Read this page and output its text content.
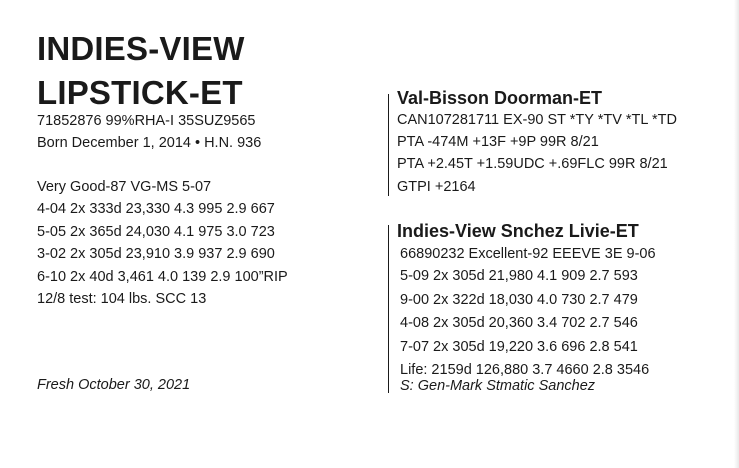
INDIES-VIEW
LIPSTICK-ET
71852876 99%RHA-I 35SUZ9565
Born December 1, 2014 • H.N. 936
Very Good-87 VG-MS 5-07
4-04 2x 333d 23,330 4.3 995 2.9 667
5-05 2x 365d 24,030 4.1 975 3.0 723
3-02 2x 305d 23,910 3.9 937 2.9 690
6-10 2x 40d 3,461 4.0 139 2.9 100”RIP
12/8 test: 104 lbs. SCC 13
Fresh October 30, 2021
Val-Bisson Doorman-ET
CAN107281711 EX-90 ST *TY *TV *TL *TD
PTA -474M +13F +9P 99R 8/21
PTA +2.45T +1.59UDC +.69FLC 99R 8/21
GTPI +2164
Indies-View Snchez Livie-ET
66890232 Excellent-92 EEEVE 3E 9-06
5-09 2x 305d 21,980 4.1 909 2.7 593
9-00 2x 322d 18,030 4.0 730 2.7 479
4-08 2x 305d 20,360 3.4 702 2.7 546
7-07 2x 305d 19,220 3.6 696 2.8 541
Life: 2159d 126,880 3.7 4660 2.8 3546
S: Gen-Mark Stmatic Sanchez
